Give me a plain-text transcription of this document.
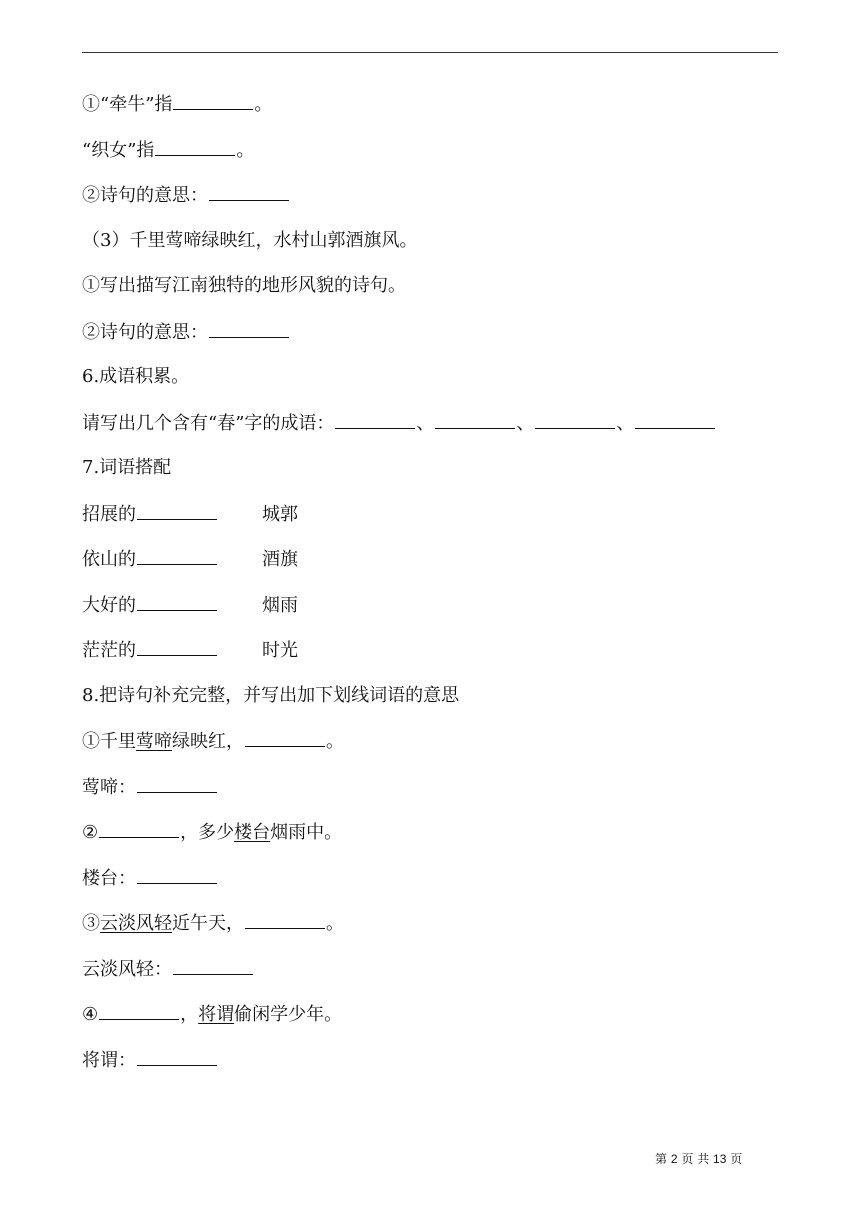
①“牵牛”指	。
“织女”指	。
②诗句的意思：
（3）千里莺啼绿映红，水村山郭酒旗风。
①写出描写江南独特的地形风貌的诗句。
②诗句的意思：
6.成语积累。
请写出几个含有“春”字的成语：	、	、	、
7.词语搭配
招展的	城郭
依山的	酒旗
大好的	烟雨
茫茫的	时光
8.把诗句补充完整，并写出加下划线词语的意思
①千里莺啼绿映红，	。
莺啼：
②	，多少楼台烟雨中。
楼台：
③云淡风轻近午天，	。
云淡风轻：
④	，将谓偷闲学少年。
将谓：
第 2 页 共 13 页
